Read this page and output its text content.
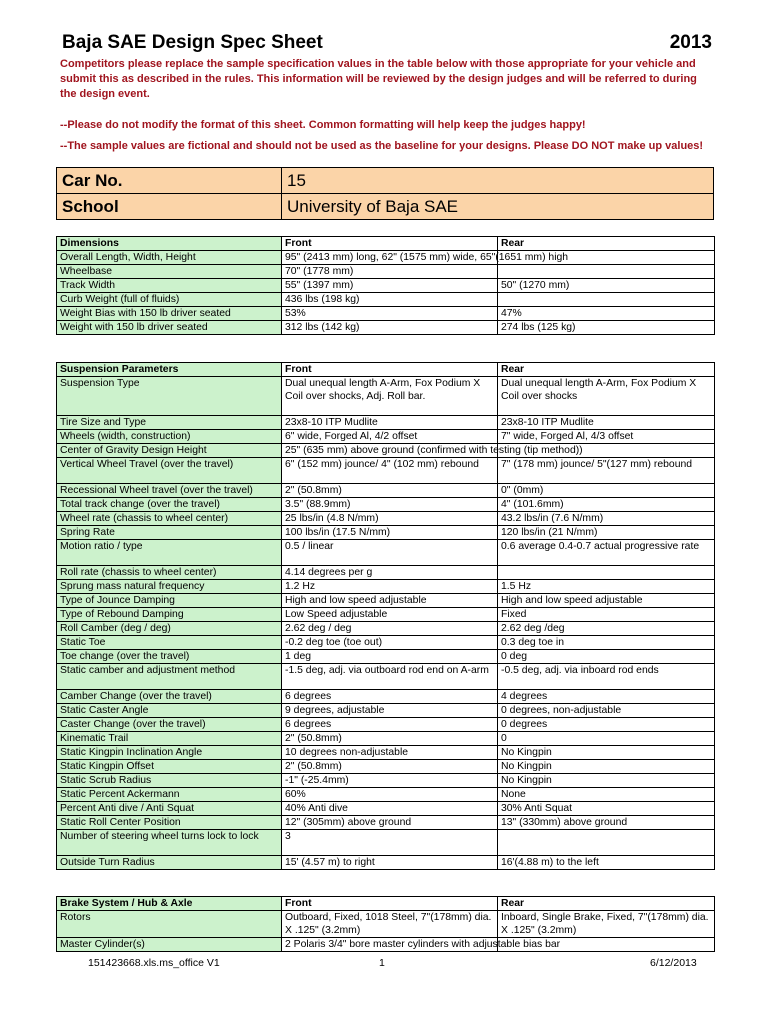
Baja SAE Design Spec Sheet	2013
Competitors please replace the sample specification values in the table below with those appropriate for your vehicle and submit this as described in the rules. This information will be reviewed by the design judges and will be referred to during the design event.
--Please do not modify the format of this sheet. Common formatting will help keep the judges happy!
--The sample values are fictional and should not be used as the baseline for your designs. Please DO NOT make up values!
Car No.	15
School	University of Baja SAE
Dimensions	Front	Rear
Overall Length, Width, Height	95" (2413 mm) long, 62" (1575 mm) wide, 65"(1651 mm) high	
Wheelbase	70" (1778 mm)	
Track Width	55" (1397 mm)	50" (1270 mm)
Curb Weight (full of fluids)	436 lbs (198 kg)	
Weight Bias with 150 lb driver seated	53%	47%
Weight with 150 lb driver seated	312 lbs (142 kg)	274 lbs (125 kg)
Suspension Parameters	Front	Rear
Suspension Type	Dual unequal length A-Arm, Fox Podium X Coil over shocks, Adj. Roll bar.	Dual unequal length A-Arm, Fox Podium X Coil over shocks
Tire Size and Type	23x8-10 ITP Mudlite	23x8-10 ITP Mudlite
Wheels (width, construction)	6" wide, Forged Al, 4/2 offset	7" wide, Forged Al, 4/3 offset
Center of Gravity Design Height	25" (635 mm) above ground (confirmed with testing (tip method))	
Vertical Wheel Travel (over the travel)	6" (152 mm) jounce/ 4" (102 mm) rebound	7" (178 mm) jounce/ 5"(127 mm) rebound
Recessional Wheel travel (over the travel)	2" (50.8mm)	0" (0mm)
Total track change (over the travel)	3.5" (88.9mm)	4" (101.6mm)
Wheel rate (chassis to wheel center)	25 lbs/in (4.8 N/mm)	43.2 lbs/in (7.6 N/mm)
Spring Rate	100 lbs/in (17.5 N/mm)	120 lbs/in (21 N/mm)
Motion ratio / type	0.5 / linear	0.6 average 0.4-0.7 actual progressive rate
Roll rate (chassis to wheel center)	4.14 degrees per g	
Sprung mass natural frequency	1.2 Hz	1.5 Hz
Type of Jounce Damping	High and low speed adjustable	High and low speed adjustable
Type of Rebound Damping	Low Speed adjustable	Fixed
Roll Camber (deg / deg)	2.62 deg / deg	2.62 deg /deg
Static Toe	-0.2 deg toe (toe out)	0.3 deg toe in
Toe change (over the travel)	1 deg	0 deg
Static camber and adjustment method	-1.5 deg, adj. via outboard rod end on A-arm	-0.5 deg, adj. via inboard rod ends
Camber Change (over the travel)	6 degrees	4 degrees
Static Caster Angle	9 degrees, adjustable	0 degrees, non-adjustable
Caster Change (over the travel)	6 degrees	0 degrees
Kinematic Trail	2" (50.8mm)	0
Static Kingpin Inclination Angle	10 degrees non-adjustable	No Kingpin
Static Kingpin Offset	2" (50.8mm)	No Kingpin
Static Scrub Radius	-1" (-25.4mm)	No Kingpin
Static Percent Ackermann	60%	None
Percent Anti dive / Anti Squat	40% Anti dive	30% Anti Squat
Static Roll Center Position	12" (305mm) above ground	13" (330mm) above ground
Number of steering wheel turns lock to lock	3	
Outside Turn Radius	15' (4.57 m) to right	16'(4.88 m) to the left
Brake System / Hub & Axle	Front	Rear
Rotors	Outboard, Fixed, 1018 Steel, 7"(178mm) dia. X .125" (3.2mm)	Inboard, Single Brake, Fixed, 7"(178mm) dia. X .125" (3.2mm)
Master Cylinder(s)	2 Polaris 3/4" bore master cylinders with adjustable bias bar	
151423668.xls.ms_office V1	1	6/12/2013
